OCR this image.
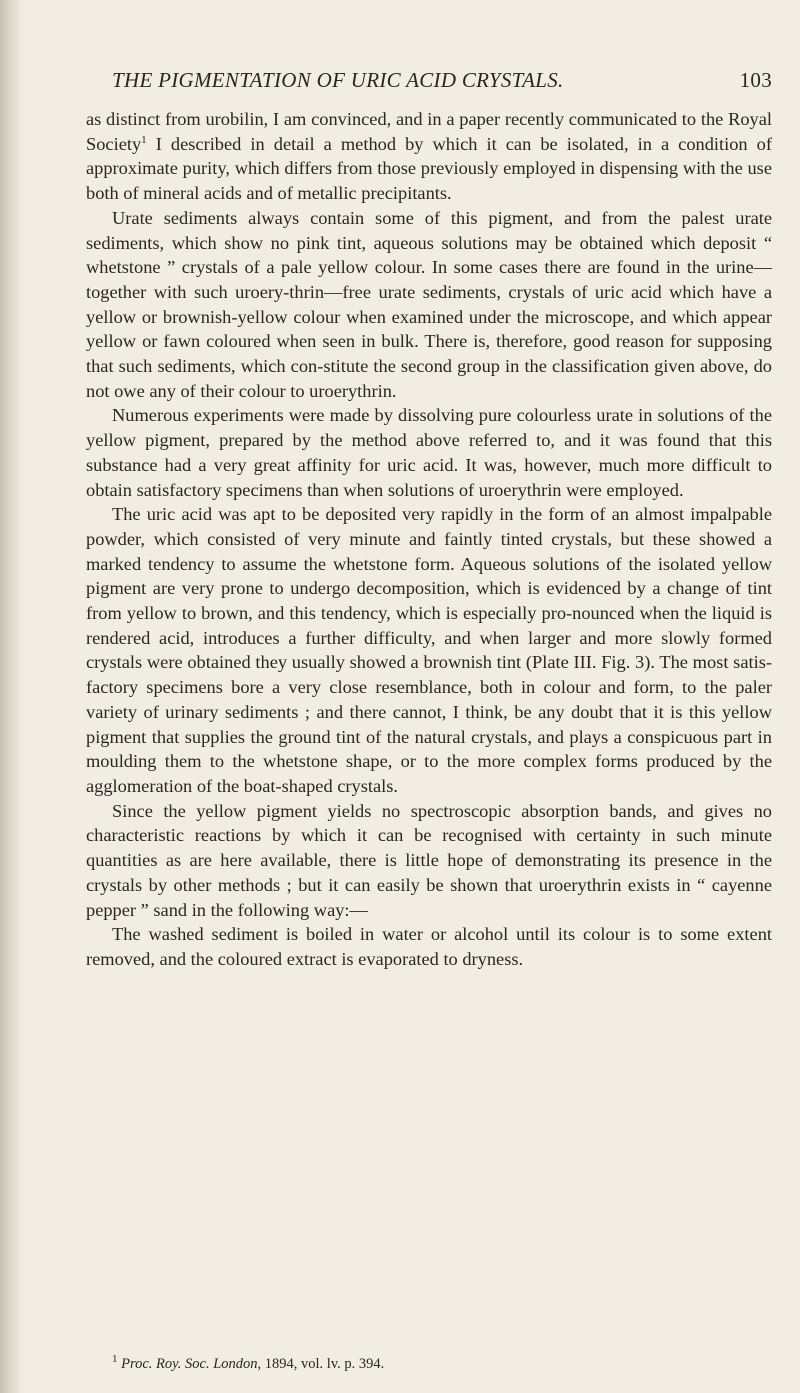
THE PIGMENTATION OF URIC ACID CRYSTALS.	103

as distinct from urobilin, I am convinced, and in a paper recently communicated to the Royal Society$^1$ I described in detail a method by which it can be isolated, in a condition of approximate purity, which differs from those previously employed in dispensing with the use both of mineral acids and of metallic precipitants.

Urate sediments always contain some of this pigment, and from the palest urate sediments, which show no pink tint, aqueous solutions may be obtained which deposit “ whetstone ” crystals of a pale yellow colour. In some cases there are found in the urine—together with such uroery-thrin—free urate sediments, crystals of uric acid which have a yellow or brownish-yellow colour when examined under the microscope, and which appear yellow or fawn coloured when seen in bulk. There is, therefore, good reason for supposing that such sediments, which con-stitute the second group in the classification given above, do not owe any of their colour to uroerythrin.

Numerous experiments were made by dissolving pure colourless urate in solutions of the yellow pigment, prepared by the method above referred to, and it was found that this substance had a very great affinity for uric acid. It was, however, much more difficult to obtain satisfactory specimens than when solutions of uroerythrin were employed.

The uric acid was apt to be deposited very rapidly in the form of an almost impalpable powder, which consisted of very minute and faintly tinted crystals, but these showed a marked tendency to assume the whetstone form. Aqueous solutions of the isolated yellow pigment are very prone to undergo decomposition, which is evidenced by a change of tint from yellow to brown, and this tendency, which is especially pro-nounced when the liquid is rendered acid, introduces a further difficulty, and when larger and more slowly formed crystals were obtained they usually showed a brownish tint (Plate III. Fig. 3). The most satis-factory specimens bore a very close resemblance, both in colour and form, to the paler variety of urinary sediments ; and there cannot, I think, be any doubt that it is this yellow pigment that supplies the ground tint of the natural crystals, and plays a conspicuous part in moulding them to the whetstone shape, or to the more complex forms produced by the agglomeration of the boat-shaped crystals.

Since the yellow pigment yields no spectroscopic absorption bands, and gives no characteristic reactions by which it can be recognised with certainty in such minute quantities as are here available, there is little hope of demonstrating its presence in the crystals by other methods ; but it can easily be shown that uroerythrin exists in “ cayenne pepper ” sand in the following way:—

The washed sediment is boiled in water or alcohol until its colour is to some extent removed, and the coloured extract is evaporated to dryness.

$^1$ Proc. Roy. Soc. London, 1894, vol. lv. p. 394.
